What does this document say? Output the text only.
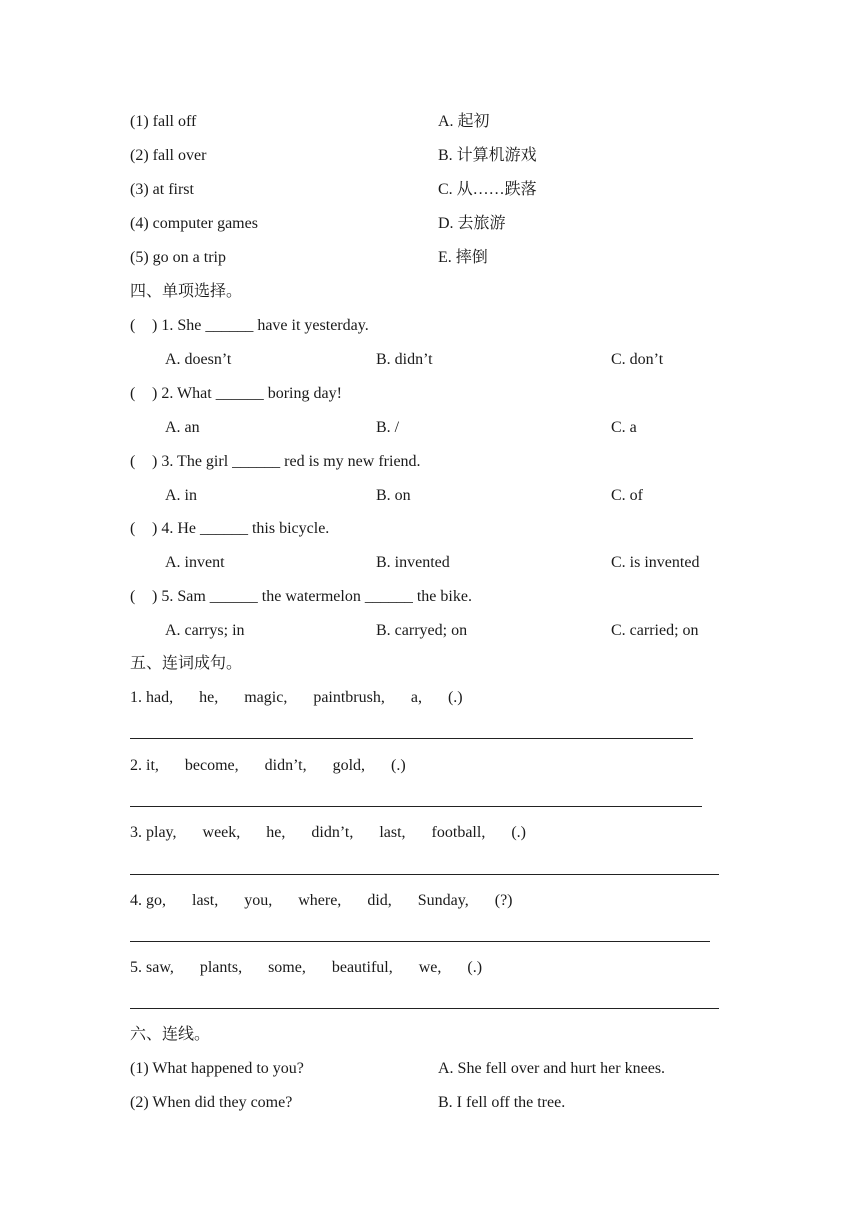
(1) fall off	A. 起初
(2) fall over	B. 计算机游戏
(3) at first	C. 从……跌落
(4) computer games	D. 去旅游
(5) go on a trip	E. 摔倒
四、单项选择。
( ) 1. She ______ have it yesterday.
A. doesn’t	B. didn’t	C. don’t
( ) 2. What ______ boring day!
A. an	B. /	C. a
( ) 3. The girl ______ red is my new friend.
A. in	B. on	C. of
( ) 4. He ______ this bicycle.
A. invent	B. invented	C. is invented
( ) 5. Sam ______ the watermelon ______ the bike.
A. carrys; in	B. carryed; on	C. carried; on
五、连词成句。
1. had, he, magic, paintbrush, a, (.)
2. it, become, didn’t, gold, (.)
3. play, week, he, didn’t, last, football, (.)
4. go, last, you, where, did, Sunday, (?)
5. saw, plants, some, beautiful, we, (.)
六、连线。
(1) What happened to you?	A. She fell over and hurt her knees.
(2) When did they come?	B. I fell off the tree.
